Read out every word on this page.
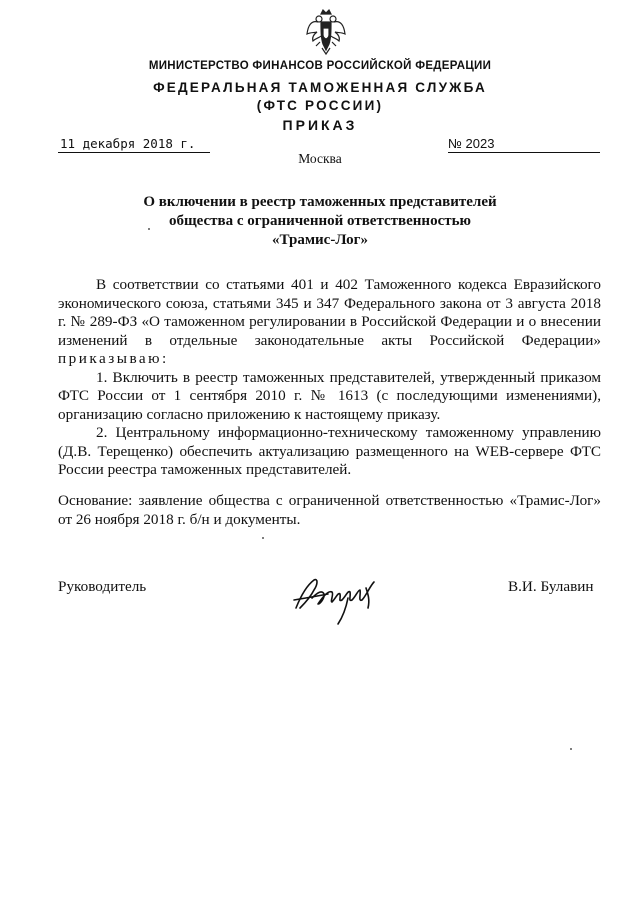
МИНИСТЕРСТВО ФИНАНСОВ РОССИЙСКОЙ ФЕДЕРАЦИИ
ФЕДЕРАЛЬНАЯ ТАМОЖЕННАЯ СЛУЖБА
(ФТС РОССИИ)
ПРИКАЗ
11 декабря 2018 г.	№ 2023
Москва
О включении в реестр таможенных представителей
общества с ограниченной ответственностью
«Трамис-Лог»

В соответствии со статьями 401 и 402 Таможенного кодекса Евразийского экономического союза, статьями 345 и 347 Федерального закона от 3 августа 2018 г. № 289-ФЗ «О таможенном регулировании в Российской Федерации и о внесении изменений в отдельные законодательные акты Российской Федерации» приказываю:

1. Включить в реестр таможенных представителей, утвержденный приказом ФТС России от 1 сентября 2010 г. № 1613 (с последующими изменениями), организацию согласно приложению к настоящему приказу.

2. Центральному информационно-техническому таможенному управлению (Д.В. Терещенко) обеспечить актуализацию размещенного на WEB-сервере ФТС России реестра таможенных представителей.

Основание: заявление общества с ограниченной ответственностью «Трамис-Лог» от 26 ноября 2018 г. б/н и документы.
Руководитель	В.И. Булавин
